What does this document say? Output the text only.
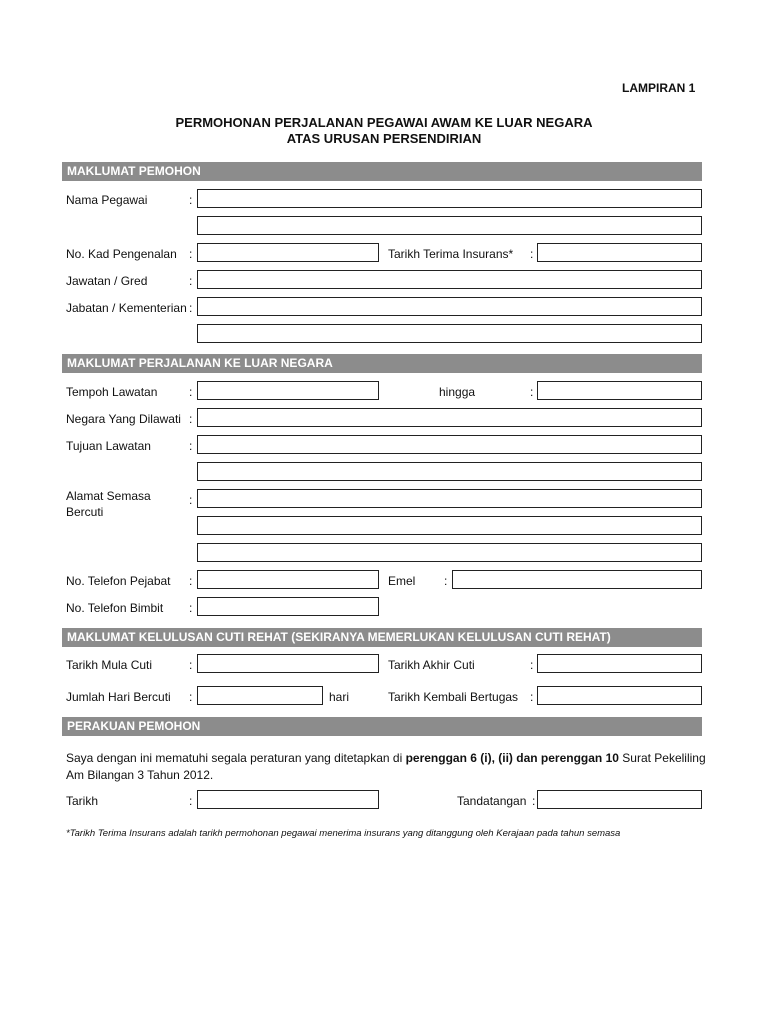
LAMPIRAN 1
PERMOHONAN PERJALANAN PEGAWAI AWAM KE LUAR NEGARA
ATAS URUSAN PERSENDIRIAN
MAKLUMAT PEMOHON
Nama Pegawai	:
No. Kad Pengenalan :	Tarikh Terima Insurans* :
Jawatan / Gred	:
Jabatan / Kementerian :
MAKLUMAT PERJALANAN KE LUAR NEGARA
Tempoh Lawatan	:	hingga	:
Negara Yang Dilawati :
Tujuan Lawatan	:
Alamat Semasa
Bercuti
:
No. Telefon Pejabat :	Emel :
No. Telefon Bimbit :
MAKLUMAT KELULUSAN CUTI REHAT (SEKIRANYA MEMERLUKAN KELULUSAN CUTI REHAT)
Tarikh Mula Cuti	:	Tarikh Akhir Cuti	:
Jumlah Hari Bercuti :	hari	Tarikh Kembali Bertugas :
PERAKUAN PEMOHON
Saya dengan ini mematuhi segala peraturan yang ditetapkan di perenggan 6 (i), (ii) dan perenggan 10 Surat Pekeliling Am Bilangan 3 Tahun 2012.
Tarikh	:	Tandatangan :
*Tarikh Terima Insurans adalah tarikh permohonan pegawai menerima insurans yang ditanggung oleh Kerajaan pada tahun semasa
